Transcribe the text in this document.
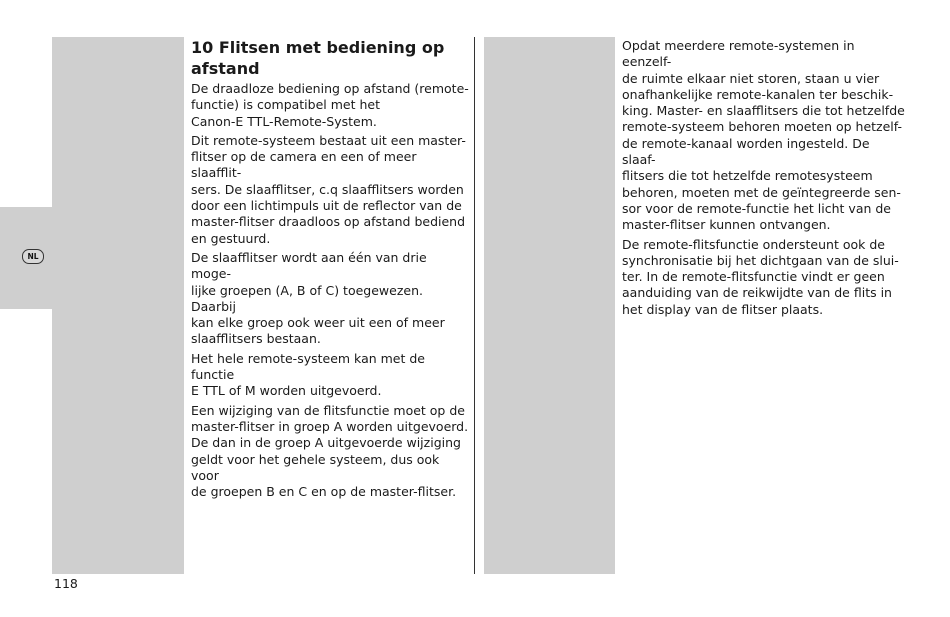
NL
10 Flitsen met bediening op
afstand

De draadloze bediening op afstand (remote-
functie) is compatibel met het
Canon-E TTL-Remote-System.

Dit remote-systeem bestaat uit een master-
flitser op de camera en een of meer slaafflit-
sers. De slaafflitser, c.q slaafflitsers worden
door een lichtimpuls uit de reflector van de
master-flitser draadloos op afstand bediend
en gestuurd.

De slaafflitser wordt aan één van drie moge-
lijke groepen (A, B of C) toegewezen. Daarbij
kan elke groep ook weer uit een of meer
slaafflitsers bestaan.

Het hele remote-systeem kan met de functie
E TTL of M worden uitgevoerd.

Een wijziging van de flitsfunctie moet op de
master-flitser in groep A worden uitgevoerd.
De dan in de groep A uitgevoerde wijziging
geldt voor het gehele systeem, dus ook voor
de groepen B en C en op de master-flitser.

Opdat meerdere remote-systemen in eenzelf-
de ruimte elkaar niet storen, staan u vier
onafhankelijke remote-kanalen ter beschik-
king. Master- en slaafflitsers die tot hetzelfde
remote-systeem behoren moeten op hetzelf-
de remote-kanaal worden ingesteld. De slaaf-
flitsers die tot hetzelfde remotesysteem
behoren, moeten met de geïntegreerde sen-
sor voor de remote-functie het licht van de
master-flitser kunnen ontvangen.

De remote-flitsfunctie ondersteunt ook de
synchronisatie bij het dichtgaan van de slui-
ter. In de remote-flitsfunctie vindt er geen
aanduiding van de reikwijdte van de flits in
het display van de flitser plaats.

118
